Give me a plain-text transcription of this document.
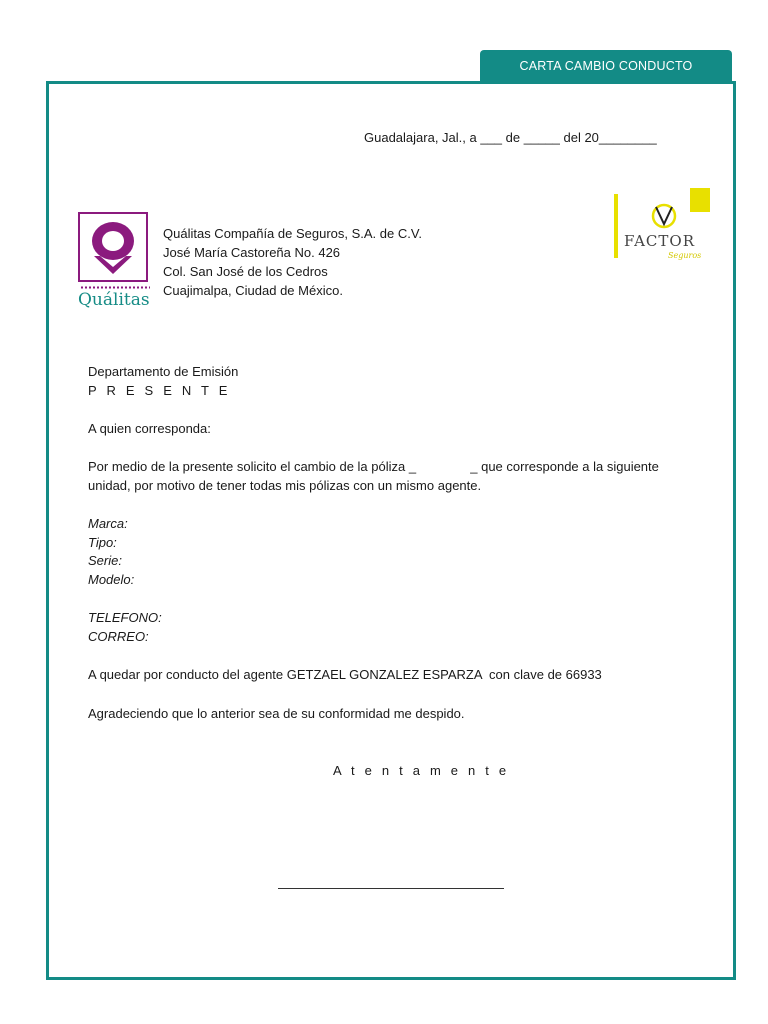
CARTA CAMBIO CONDUCTO
Guadalajara, Jal., a ___ de _____ del 20________
Quálitas
Quálitas Compañía de Seguros, S.A. de C.V.
José María Castoreña No. 426
Col. San José de los Cedros
Cuajimalpa, Ciudad de México.
FACTOR
Seguros
Departamento de Emisión
P R E S E N T E
A quien corresponda:
Por medio de la presente solicito el cambio de la póliza _               _ que corresponde a la siguiente
unidad, por motivo de tener todas mis pólizas con un mismo agente.
Marca:
Tipo:
Serie:
Modelo:
TELEFONO:
CORREO:
A quedar por conducto del agente GETZAEL GONZALEZ ESPARZA  con clave de 66933
Agradeciendo que lo anterior sea de su conformidad me despido.
A t e n t a m e n t e
